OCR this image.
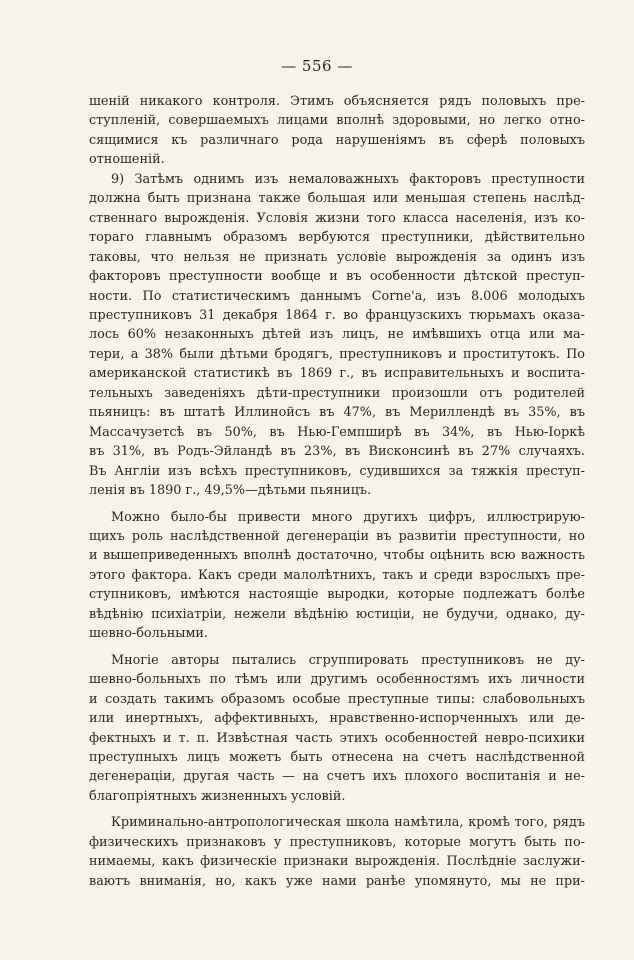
— 556 —
шеній никакого контроля. Этимъ объясняется рядъ половыхъ пре-
ступленій, совершаемыхъ лицами вполнѣ здоровыми, но легко отно-
сящимися къ различнаго рода нарушеніямъ въ сферѣ половыхъ
отношеній.
9) Затѣмъ однимъ изъ немаловажныхъ факторовъ преступности
должна быть признана также большая или меньшая степень наслѣд-
ственнаго вырожденія. Условія жизни того класса населенія, изъ ко-
тораго главнымъ образомъ вербуются преступники, дѣйствительно
таковы, что нельзя не признать условіе вырожденія за одинъ изъ
факторовъ преступности вообще и въ особенности дѣтской преступ-
ности. По статистическимъ даннымъ Corne'а, изъ 8.006 молодыхъ
преступниковъ 31 декабря 1864 г. во французскихъ тюрьмахъ оказа-
лось 60% незаконныхъ дѣтей изъ лицъ, не имѣвшихъ отца или ма-
тери, а 38% были дѣтьми бродягъ, преступниковъ и проститутокъ. По
американской статистикѣ въ 1869 г., въ исправительныхъ и воспита-
тельныхъ заведеніяхъ дѣти-преступники произошли отъ родителей
пьяницъ: въ штатѣ Иллинойсъ въ 47%, въ Мериллендѣ въ 35%, въ
Массачузетсѣ въ 50%, въ Нью-Гемпширѣ въ 34%, въ Нью-Іоркѣ
въ 31%, въ Родъ-Эйландѣ въ 23%, въ Висконсинѣ въ 27% случаяхъ.
Въ Англіи изъ всѣхъ преступниковъ, судившихся за тяжкія преступ-
ленія въ 1890 г., 49,5%—дѣтьми пьяницъ.
Можно было-бы привести много другихъ цифръ, иллюстрирую-
щихъ роль наслѣдственной дегенераціи въ развитіи преступности, но
и вышеприведенныхъ вполнѣ достаточно, чтобы оцѣнить всю важность
этого фактора. Какъ среди малолѣтнихъ, такъ и среди взрослыхъ пре-
ступниковъ, имѣются настоящіе выродки, которые подлежатъ болѣе
вѣдѣнію психіатріи, нежели вѣдѣнію юстиціи, не будучи, однако, ду-
шевно-больными.
Многіе авторы пытались сгруппировать преступниковъ не ду-
шевно-больныхъ по тѣмъ или другимъ особенностямъ ихъ личности
и создать такимъ образомъ особые преступные типы: слабовольныхъ
или инертныхъ, аффективныхъ, нравственно-испорченныхъ или де-
фектныхъ и т. п. Извѣстная часть этихъ особенностей невро-психики
преступныхъ лицъ можетъ быть отнесена на счетъ наслѣдственной
дегенераціи, другая часть — на счетъ ихъ плохого воспитанія и не-
благопріятныхъ жизненныхъ условій.
Криминально-антропологическая школа намѣтила, кромѣ того, рядъ
физическихъ признаковъ у преступниковъ, которые могутъ быть по-
нимаемы, какъ физическіе признаки вырожденія. Послѣдніе заслужи-
ваютъ вниманія, но, какъ уже нами ранѣе упомянуто, мы не при-
